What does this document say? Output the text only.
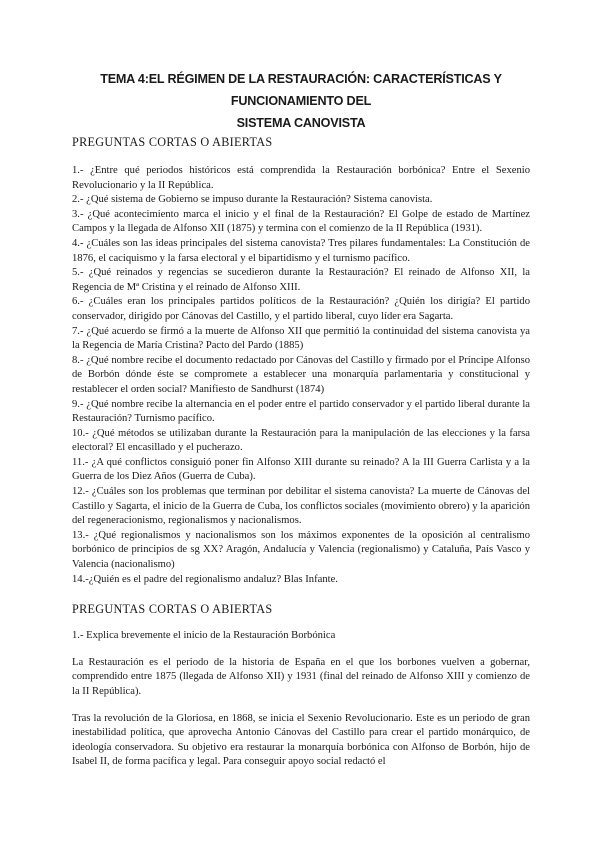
TEMA 4:EL RÉGIMEN DE LA RESTAURACIÓN: CARACTERÍSTICAS Y FUNCIONAMIENTO DEL
SISTEMA CANOVISTA
PREGUNTAS CORTAS O ABIERTAS

1.- ¿Entre qué periodos históricos está comprendida la Restauración borbónica? Entre el Sexenio Revolucionario y la II República.

2.- ¿Qué sistema de Gobierno se impuso durante la Restauración? Sistema canovista.

3.- ¿Qué acontecimiento marca el inicio y el final de la Restauración? El Golpe de estado de Martínez Campos y la llegada de Alfonso XII (1875) y termina con el comienzo de la II República (1931).

4.- ¿Cuáles son las ideas principales del sistema canovista? Tres pilares fundamentales: La Constitución de 1876, el caciquismo y la farsa electoral y el bipartidismo y el turnismo pacífico.

5.- ¿Qué reinados y regencias se sucedieron durante la Restauración? El reinado de Alfonso XII, la Regencia de Mª Cristina y el reinado de Alfonso XIII.

6.- ¿Cuáles eran los principales partidos políticos de la Restauración? ¿Quién los dirigía? El partido conservador, dirigido por Cánovas del Castillo, y el partido liberal, cuyo líder era Sagarta.

7.- ¿Qué acuerdo se firmó a la muerte de Alfonso XII que permitió la continuidad del sistema canovista ya la Regencia de María Cristina? Pacto del Pardo (1885)

8.- ¿Qué nombre recibe el documento redactado por Cánovas del Castillo y firmado por el Príncipe Alfonso de Borbón dónde éste se compromete a establecer una monarquía parlamentaria y constitucional y restablecer el orden social? Manifiesto de Sandhurst (1874)

9.- ¿Qué nombre recibe la alternancia en el poder entre el partido conservador y el partido liberal durante la Restauración? Turnismo pacífico.

10.- ¿Qué métodos se utilizaban durante la Restauración para la manipulación de las elecciones y la farsa electoral? El encasillado y el pucherazo.

11.- ¿A qué conflictos consiguió poner fin Alfonso XIII durante su reinado? A la III Guerra Carlista y a la Guerra de los Diez Años (Guerra de Cuba).

12.- ¿Cuáles son los problemas que terminan por debilitar el sistema canovista? La muerte de Cánovas del Castillo y Sagarta, el inicio de la Guerra de Cuba, los conflictos sociales (movimiento obrero) y la aparición del regeneracionismo, regionalismos y nacionalismos.

13.- ¿Qué regionalismos y nacionalismos son los máximos exponentes de la oposición al centralismo borbónico de principios de sg XX? Aragón, Andalucía y Valencia (regionalismo) y Cataluña, País Vasco y Valencia (nacionalismo)

14.-¿Quién es el padre del regionalismo andaluz? Blas Infante.

PREGUNTAS CORTAS O ABIERTAS

1.- Explica brevemente el inicio de la Restauración Borbónica

La Restauración es el periodo de la historia de España en el que los borbones vuelven a gobernar, comprendido entre 1875 (llegada de Alfonso XII) y 1931 (final del reinado de Alfonso XIII y comienzo de la II República).

Tras la revolución de la Gloriosa, en 1868, se inicia el Sexenio Revolucionario. Este es un periodo de gran inestabilidad política, que aprovecha Antonio Cánovas del Castillo para crear el partido monárquico, de ideología conservadora. Su objetivo era restaurar la monarquía borbónica con Alfonso de Borbón, hijo de Isabel II, de forma pacífica y legal. Para conseguir apoyo social redactó el
